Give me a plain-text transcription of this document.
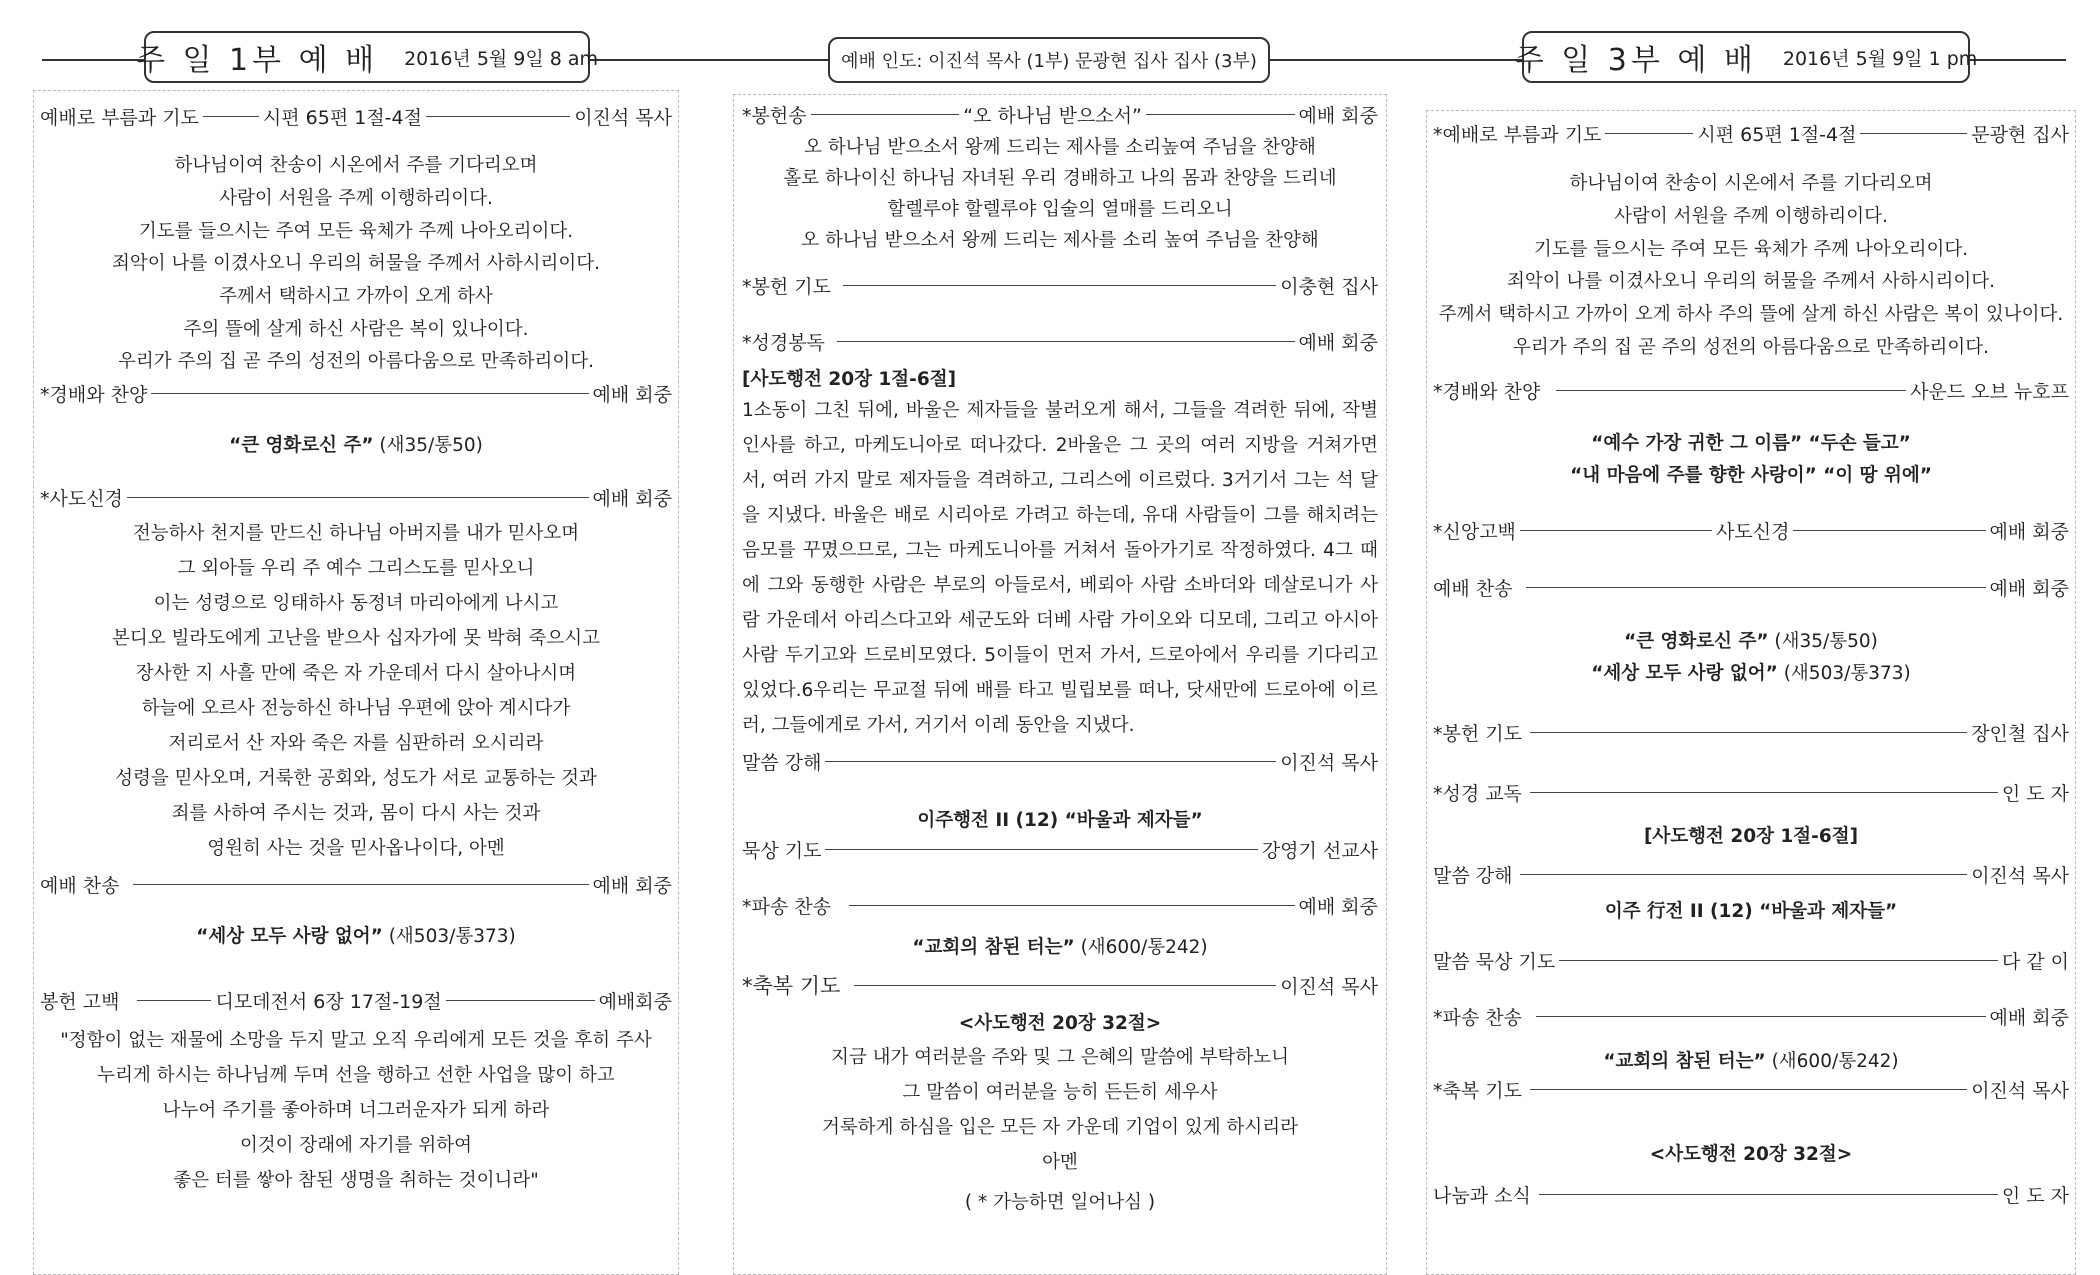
주 일 1부 예 배 2016년 5월 9일 8 am	예배 인도: 이진석 목사 (1부) 문광현 집사 집사 (3부)	주 일 3부 예 배 2016년 5월 9일 1 pm
예배로 부름과 기도	시편 65편 1절-4절	이진석 목사
하나님이여 찬송이 시온에서 주를 기다리오며
사람이 서원을 주께 이행하리이다.
기도를 들으시는 주여 모든 육체가 주께 나아오리이다.
죄악이 나를 이겼사오니 우리의 허물을 주께서 사하시리이다.
주께서 택하시고 가까이 오게 하사
주의 뜰에 살게 하신 사람은 복이 있나이다.
우리가 주의 집 곧 주의 성전의 아름다움으로 만족하리이다.
*경배와 찬양	예배 회중
“큰 영화로신 주” (새35/통50)
*사도신경	예배 회중
전능하사 천지를 만드신 하나님 아버지를 내가 믿사오며
그 외아들 우리 주 예수 그리스도를 믿사오니
이는 성령으로 잉태하사 동정녀 마리아에게 나시고
본디오 빌라도에게 고난을 받으사 십자가에 못 박혀 죽으시고
장사한 지 사흘 만에 죽은 자 가운데서 다시 살아나시며
하늘에 오르사 전능하신 하나님 우편에 앉아 계시다가
저리로서 산 자와 죽은 자를 심판하러 오시리라
성령을 믿사오며, 거룩한 공회와, 성도가 서로 교통하는 것과
죄를 사하여 주시는 것과, 몸이 다시 사는 것과
영원히 사는 것을 믿사옵나이다, 아멘
예배 찬송	예배 회중
“세상 모두 사랑 없어” (새503/통373)
봉헌 고백	디모데전서 6장 17절-19절	예배회중
"정함이 없는 재물에 소망을 두지 말고 오직 우리에게 모든 것을 후히 주사
누리게 하시는 하나님께 두며 선을 행하고 선한 사업을 많이 하고
나누어 주기를 좋아하며 너그러운자가 되게 하라
이것이 장래에 자기를 위하여
좋은 터를 쌓아 참된 생명을 취하는 것이니라"
*봉헌송	“오 하나님 받으소서”	예배 회중
오 하나님 받으소서 왕께 드리는 제사를 소리높여 주님을 찬양해
홀로 하나이신 하나님 자녀된 우리 경배하고 나의 몸과 찬양을 드리네
할렐루야 할렐루야 입술의 열매를 드리오니
오 하나님 받으소서 왕께 드리는 제사를 소리 높여 주님을 찬양해
*봉헌 기도	이충현 집사
*성경봉독	예배 회중
[사도행전 20장 1절-6절]
1소동이 그친 뒤에, 바울은 제자들을 불러오게 해서, 그들을 격려한 뒤에, 작별 인사를 하고, 마케도니아로 떠나갔다. 2바울은 그 곳의 여러 지방을 거쳐가면서, 여러 가지 말로 제자들을 격려하고, 그리스에 이르렀다. 3거기서 그는 석 달을 지냈다. 바울은 배로 시리아로 가려고 하는데, 유대 사람들이 그를 해치려는 음모를 꾸몄으므로, 그는 마케도니아를 거쳐서 돌아가기로 작정하였다. 4그 때에 그와 동행한 사람은 부로의 아들로서, 베뢰아 사람 소바더와 데살로니가 사람 가운데서 아리스다고와 세군도와 더베 사람 가이오와 디모데, 그리고 아시아 사람 두기고와 드로비모였다. 5이들이 먼저 가서, 드로아에서 우리를 기다리고 있었다.6우리는 무교절 뒤에 배를 타고 빌립보를 떠나, 닷새만에 드로아에 이르러, 그들에게로 가서, 거기서 이레 동안을 지냈다.
말씀 강해	이진석 목사
이주행전 II (12) “바울과 제자들”
묵상 기도	강영기 선교사
*파송 찬송	예배 회중
“교회의 참된 터는” (새600/통242)
*축복 기도	이진석 목사
<사도행전 20장 32절>
지금 내가 여러분을 주와 및 그 은혜의 말씀에 부탁하노니
그 말씀이 여러분을 능히 든든히 세우사
거룩하게 하심을 입은 모든 자 가운데 기업이 있게 하시리라
아멘
( * 가능하면 일어나심 )
*예배로 부름과 기도	시편 65편 1절-4절	문광현 집사
하나님이여 찬송이 시온에서 주를 기다리오며
사람이 서원을 주께 이행하리이다.
기도를 들으시는 주여 모든 육체가 주께 나아오리이다.
죄악이 나를 이겼사오니 우리의 허물을 주께서 사하시리이다.
주께서 택하시고 가까이 오게 하사 주의 뜰에 살게 하신 사람은 복이 있나이다.
우리가 주의 집 곧 주의 성전의 아름다움으로 만족하리이다.
*경배와 찬양	사운드 오브 뉴호프
“예수 가장 귀한 그 이름” “두손 들고”
“내 마음에 주를 향한 사랑이” “이 땅 위에”
*신앙고백	사도신경	예배 회중
예배 찬송	예배 회중
“큰 영화로신 주” (새35/통50)
“세상 모두 사랑 없어” (새503/통373)
*봉헌 기도	장인철 집사
*성경 교독	인 도 자
[사도행전 20장 1절-6절]
말씀 강해	이진석 목사
이주 行전 II (12) “바울과 제자들”
말씀 묵상 기도	다 같 이
*파송 찬송	예배 회중
“교회의 참된 터는” (새600/통242)
*축복 기도	이진석 목사
<사도행전 20장 32절>
나눔과 소식	인 도 자
